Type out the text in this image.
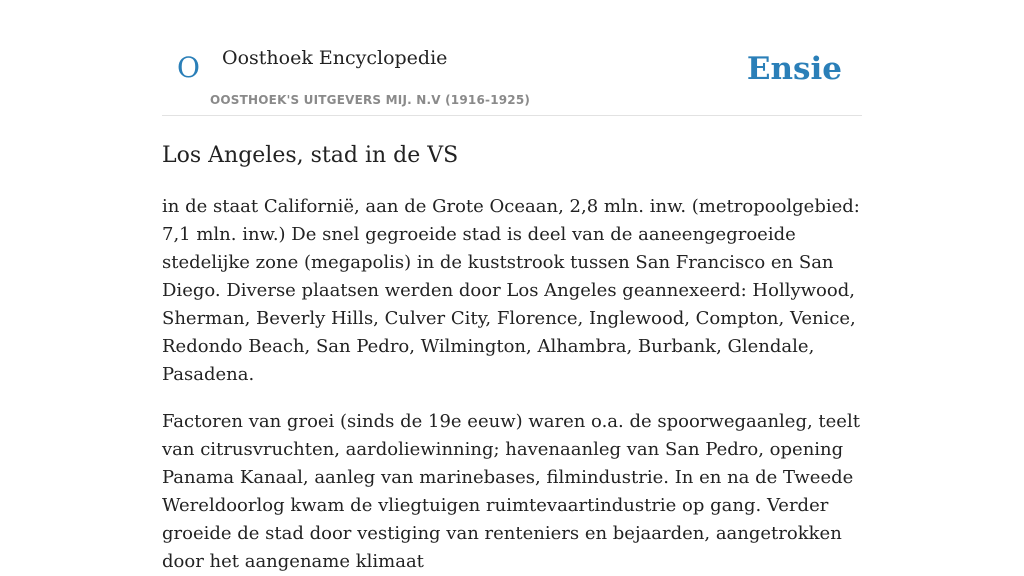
O Oosthoek Encyclopedie
OOSTHOEK'S UITGEVERS MIJ. N.V (1916-1925)
Ensie
Los Angeles, stad in de VS

in de staat Californië, aan de Grote Oceaan, 2,8 mln. inw. (metropoolgebied: 7,1 mln. inw.) De snel gegroeide stad is deel van de aaneengegroeide stedelijke zone (megapolis) in de kuststrook tussen San Francisco en San Diego. Diverse plaatsen werden door Los Angeles geannexeerd: Hollywood, Sherman, Beverly Hills, Culver City, Florence, Inglewood, Compton, Venice, Redondo Beach, San Pedro, Wilmington, Alhambra, Burbank, Glendale, Pasadena.

Factoren van groei (sinds de 19e eeuw) waren o.a. de spoorwegaanleg, teelt van citrusvruchten, aardoliewinning; havenaanleg van San Pedro, opening Panama Kanaal, aanleg van marinebases, filmindustrie. In en na de Tweede Wereldoorlog kwam de vliegtuigen ruimtevaartindustrie op gang. Verder groeide de stad door vestiging van renteniers en bejaarden, aangetrokken door het aangename klimaat
